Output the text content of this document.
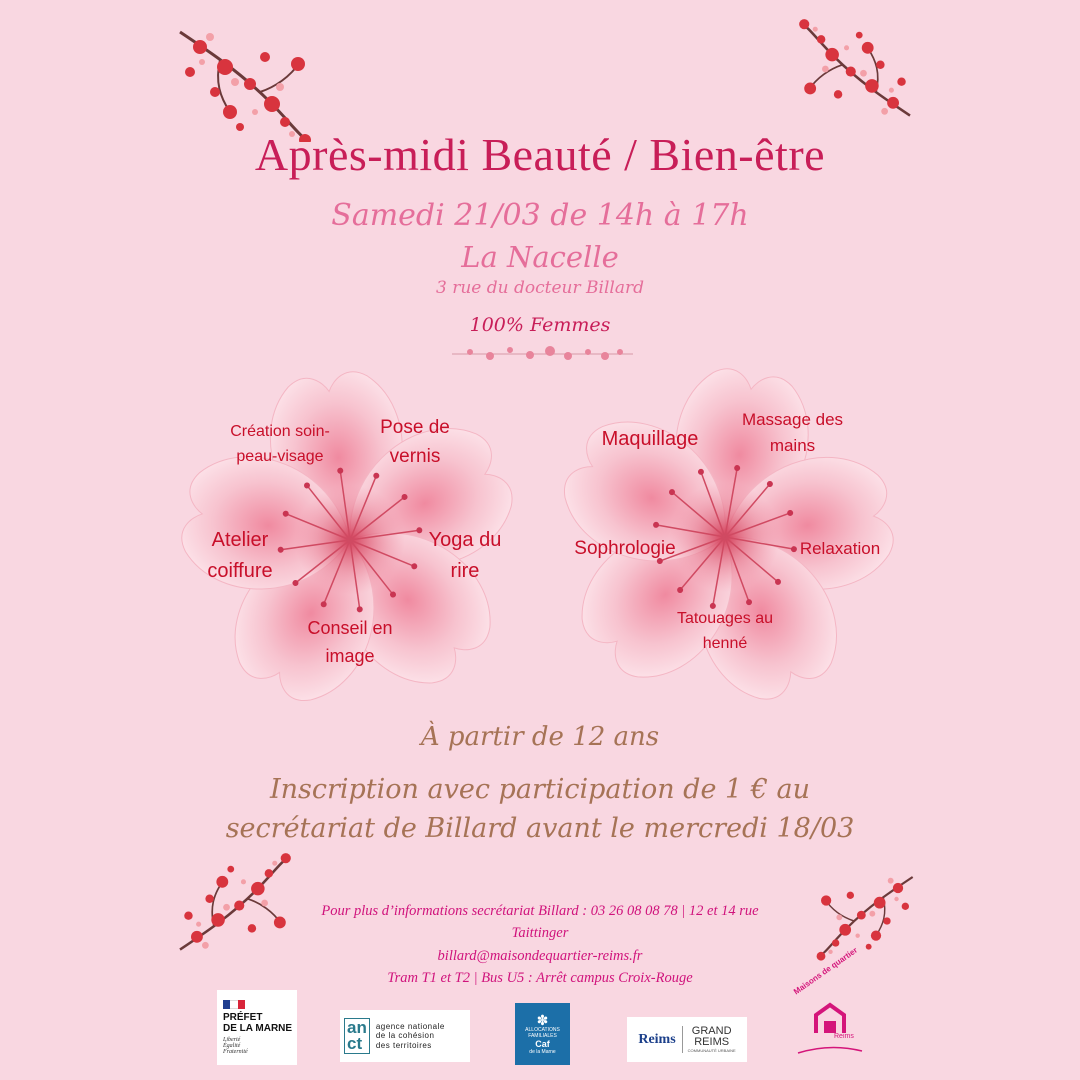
Après-midi Beauté / Bien-être
Samedi 21/03 de 14h à 17h
La Nacelle
3 rue du docteur Billard
100% Femmes
Création soin-
peau-visage
Pose de
vernis
Atelier
coiffure
Yoga du
rire
Conseil en
image
Maquillage
Massage des
mains
Sophrologie	Relaxation
Tatouages au
henné
À partir de 12 ans
Inscription avec participation de 1 € au
secrétariat de Billard avant le mercredi 18/03
Pour plus d’informations secrétariat Billard : 03 26 08 08 78 | 12 et 14 rue
Taittinger
billard@maisondequartier-reims.fr
Tram T1 et T2 | Bus U5 : Arrêt campus Croix-Rouge
PRÉFET
DE LA MARNE
Liberté
Égalité
Fraternité
an
ct
agence nationale
de la cohésion
des territoires
✽
ALLOCATIONS
FAMILIALES
Caf
de la Marne
Reims
GRAND
REIMS
COMMUNAUTÉ URBAINE
Maisons de quartier
Reims
